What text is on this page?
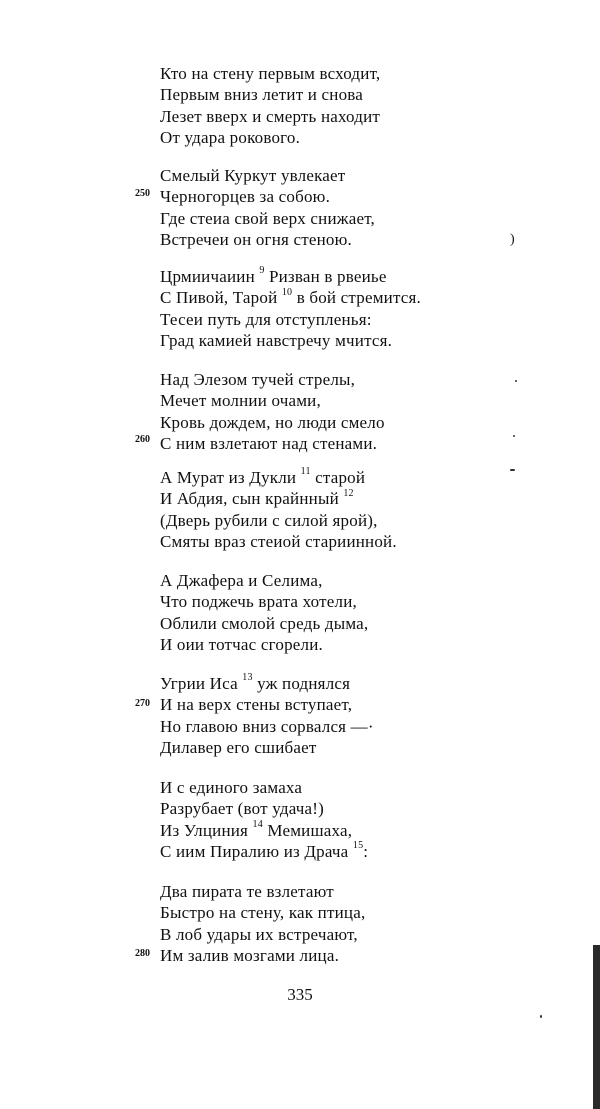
Кто на стену первым всходит,
Первым вниз летит и снова
Лезет вверх и смерть находит
От удара рокового.
Смелый Куркут увлекает
Черногорцев за собою.
Где стеиа свой верх снижает,
Встречеи он огня стеною.
250
Црмиичаиин $^9$ Ризван в рвеиье
С Пивой, Тарой $^{10}$ в бой стремится.
Тесеи путь для отступленья:
Град камией навстречу мчится.
Над Элезом тучей стрелы,
Мечет молнии очами,
Кровь дождем, но люди смело
С ним взлетают над стенами.
260
А Мурат из Дукли $^{11}$ старой
И Абдия, сын крайнный $^{12}$
(Дверь рубили с силой ярой),
Смяты враз стеиой стариинной.
А Джафера и Селима,
Что поджечь врата хотели,
Облили смолой средь дыма,
И оии тотчас сгорели.
Угрии Иса $^{13}$ уж поднялся
И на верх стены вступает,
Но главою вниз сорвался —·
Дилавер его сшибает
270
И с единого замаха
Разрубает (вот удача!)
Из Улциния $^{14}$ Мемишаха,
С иим Пиралию из Драча $^{15}$:
Два пирата те взлетают
Быстро на стену, как птица,
В лоб удары их встречают,
Им залив мозгами лица.
280
335
)
